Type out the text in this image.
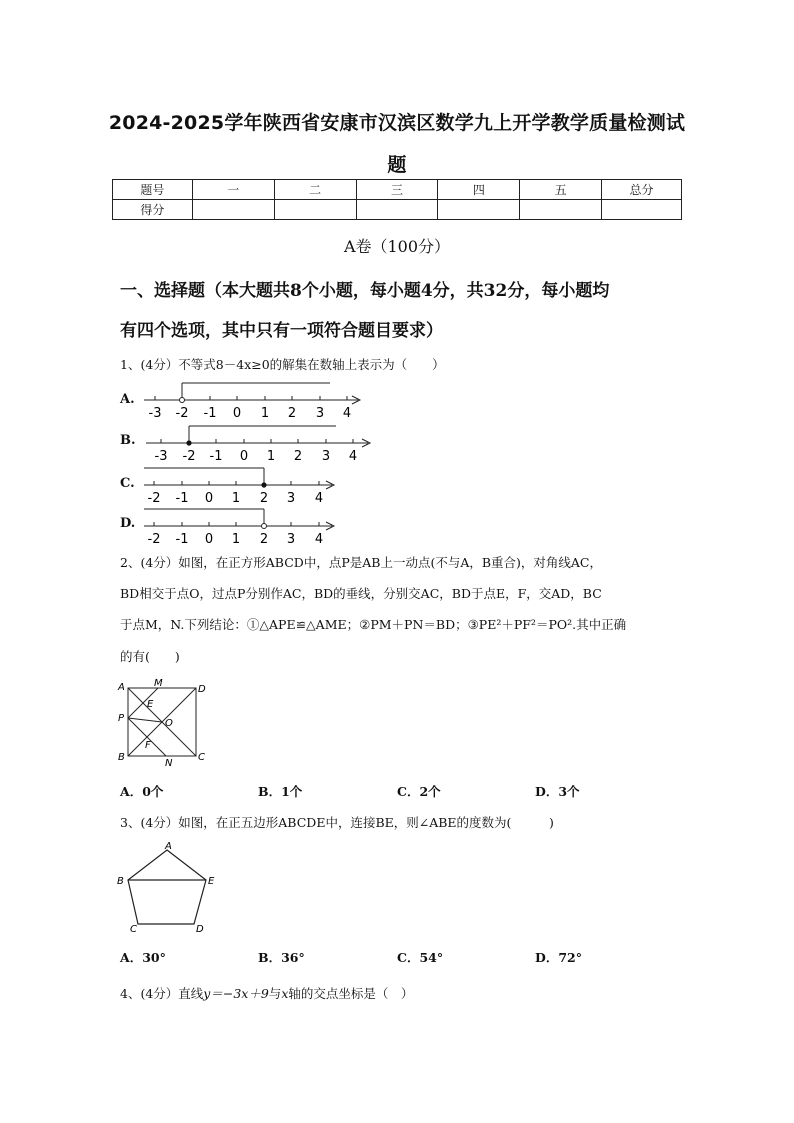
2024-2025学年陕西省安康市汉滨区数学九上开学教学质量检测试
题
题号	一	二	三	四	五	总分
得分						
A卷（100分）
一、选择题（本大题共8个小题，每小题4分，共32分，每小题均
有四个选项，其中只有一项符合题目要求）
1、(4分）不等式8－4x≥0的解集在数轴上表示为（　　）
A.
-3 -2 -1 0 1 2 3 4
B.
-3 -2 -1 0 1 2 3 4
C.
-2 -1 0 1 2 3 4
D.
-2 -1 0 1 2 3 4
2、(4分）如图，在正方形ABCD中，点P是AB上一动点(不与A，B重合)，对角线AC，
BD相交于点O，过点P分别作AC，BD的垂线，分别交AC，BD于点E，F，交AD，BC
于点M，N.下列结论：①△APE≌△AME；②PM＋PN＝BD；③PE²＋PF²＝PO².其中正确
的有(　　)
A	M
D
E
P	O
F
B
N
C
A．0个	B．1个	C．2个	D．3个
3、(4分）如图，在正五边形ABCDE中，连接BE，则∠ABE的度数为(　　　)
A
B
C	D
E
A．30°	B．36°	C．54°	D．72°
4、(4分）直线y＝−3x＋9与x轴的交点坐标是（　）
